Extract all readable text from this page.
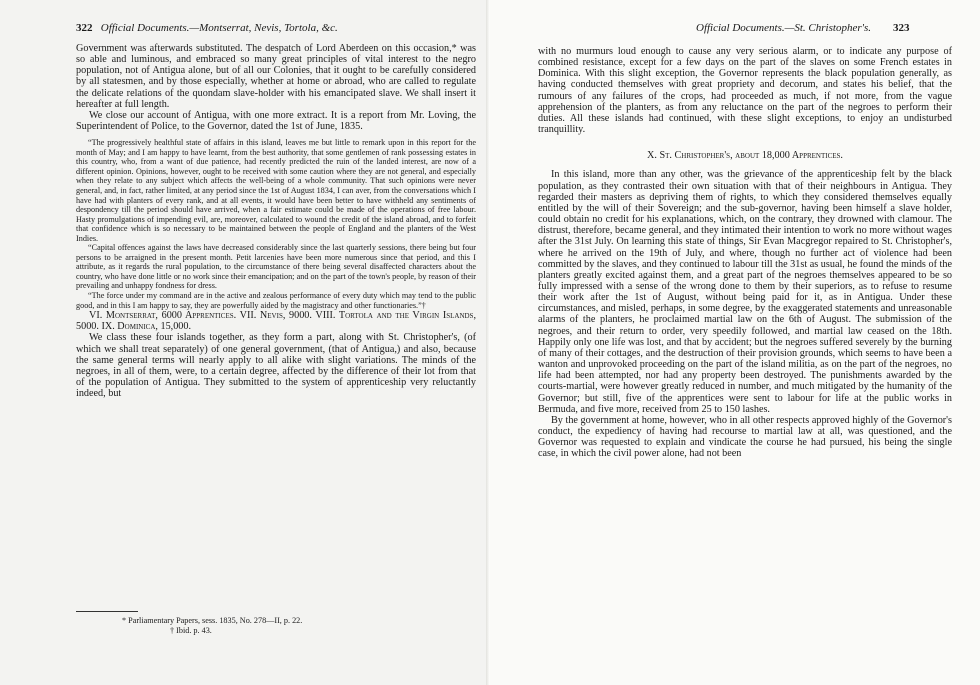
322 Official Documents.—Montserrat, Nevis, Tortola, &c.

Government was afterwards substituted. The despatch of Lord Aberdeen on this occasion,* was so able and luminous, and embraced so many great principles of vital interest to the negro population, not of Antigua alone, but of all our Colonies, that it ought to be carefully considered by all statesmen, and by those especially, whether at home or abroad, who are called to regulate the delicate relations of the quondam slave-holder with his emancipated slave. We shall insert it hereafter at full length.

We close our account of Antigua, with one more extract. It is a report from Mr. Loving, the Superintendent of Police, to the Governor, dated the 1st of June, 1835.

“The progressively healthful state of affairs in this island, leaves me but little to remark upon in this report for the month of May; and I am happy to have learnt, from the best authority, that some gentlemen of rank possessing estates in this country, who, from a want of due patience, had recently predicted the ruin of the landed interest, are now of a different opinion. Opinions, however, ought to be received with some caution where they are not general, and especially when they relate to any subject which affects the well-being of a whole community. That such opinions were never general, and, in fact, rather limited, at any period since the 1st of August 1834, I can aver, from the conversations which I have had with planters of every rank, and at all events, it would have been better to have withheld any sentiments of despondency till the period should have arrived, when a fair estimate could be made of the operations of free labour. Hasty promulgations of impending evil, are, moreover, calculated to wound the credit of the island abroad, and to forfeit that confidence which is so necessary to be maintained between the people of England and the planters of the West Indies.

“Capital offences against the laws have decreased considerably since the last quarterly sessions, there being but four persons to be arraigned in the present month. Petit larcenies have been more numerous since that period, and this I attribute, as it regards the rural population, to the circumstance of there being several disaffected characters about the country, who have done little or no work since their emancipation; and on the part of the town's people, by reason of their prevailing and unhappy fondness for dress.

“The force under my command are in the active and zealous performance of every duty which may tend to the public good, and in this I am happy to say, they are powerfully aided by the magistracy and other functionaries.”†

VI. Montserrat, 6000 Apprentices. VII. Nevis, 9000. VIII. Tortola and the Virgin Islands, 5000. IX. Dominica, 15,000.

We class these four islands together, as they form a part, along with St. Christopher's, (of which we shall treat separately) of one general government, (that of Antigua,) and also, because the same general terms will nearly apply to all alike with slight variations. The minds of the negroes, in all of them, were, to a certain degree, affected by the difference of their lot from that of the population of Antigua. They submitted to the system of apprenticeship very reluctantly indeed, but

* Parliamentary Papers, sess. 1835, No. 278—II, p. 22.
† Ibid. p. 43.
Official Documents.—St. Christopher's. 323

with no murmurs loud enough to cause any very serious alarm, or to indicate any purpose of combined resistance, except for a few days on the part of the slaves on some French estates in Dominica. With this slight exception, the Governor represents the black population generally, as having conducted themselves with great propriety and decorum, and states his belief, that the rumours of any failures of the crops, had proceeded as much, if not more, from the vague apprehension of the planters, as from any reluctance on the part of the negroes to perform their duties. All these islands had continued, with these slight exceptions, to enjoy an undisturbed tranquillity.

X. St. Christopher's, about 18,000 Apprentices.

In this island, more than any other, was the grievance of the apprenticeship felt by the black population, as they contrasted their own situation with that of their neighbours in Antigua. They regarded their masters as depriving them of rights, to which they considered themselves equally entitled by the will of their Sovereign; and the sub-governor, having been himself a slave holder, could obtain no credit for his explanations, which, on the contrary, they drowned with clamour. The distrust, therefore, became general, and they intimated their intention to work no more without wages after the 31st July. On learning this state of things, Sir Evan Macgregor repaired to St. Christopher's, where he arrived on the 19th of July, and where, though no further act of violence had been committed by the slaves, and they continued to labour till the 31st as usual, he found the minds of the planters greatly excited against them, and a great part of the negroes themselves appeared to be so fully impressed with a sense of the wrong done to them by their superiors, as to refuse to resume their work after the 1st of August, without being paid for it, as in Antigua. Under these circumstances, and misled, perhaps, in some degree, by the exaggerated statements and unreasonable alarms of the planters, he proclaimed martial law on the 6th of August. The submission of the negroes, and their return to order, very speedily followed, and martial law ceased on the 18th. Happily only one life was lost, and that by accident; but the negroes suffered severely by the burning of many of their cottages, and the destruction of their provision grounds, which seems to have been a wanton and unprovoked proceeding on the part of the island militia, as on the part of the negroes, no life had been attempted, nor had any property been destroyed. The punishments awarded by the courts-martial, were however greatly reduced in number, and much mitigated by the humanity of the Governor; but still, five of the apprentices were sent to labour for life at the public works in Bermuda, and five more, received from 25 to 150 lashes.

By the government at home, however, who in all other respects approved highly of the Governor's conduct, the expediency of having had recourse to martial law at all, was questioned, and the Governor was requested to explain and vindicate the course he had pursued, his being the single case, in which the civil power alone, had not been
